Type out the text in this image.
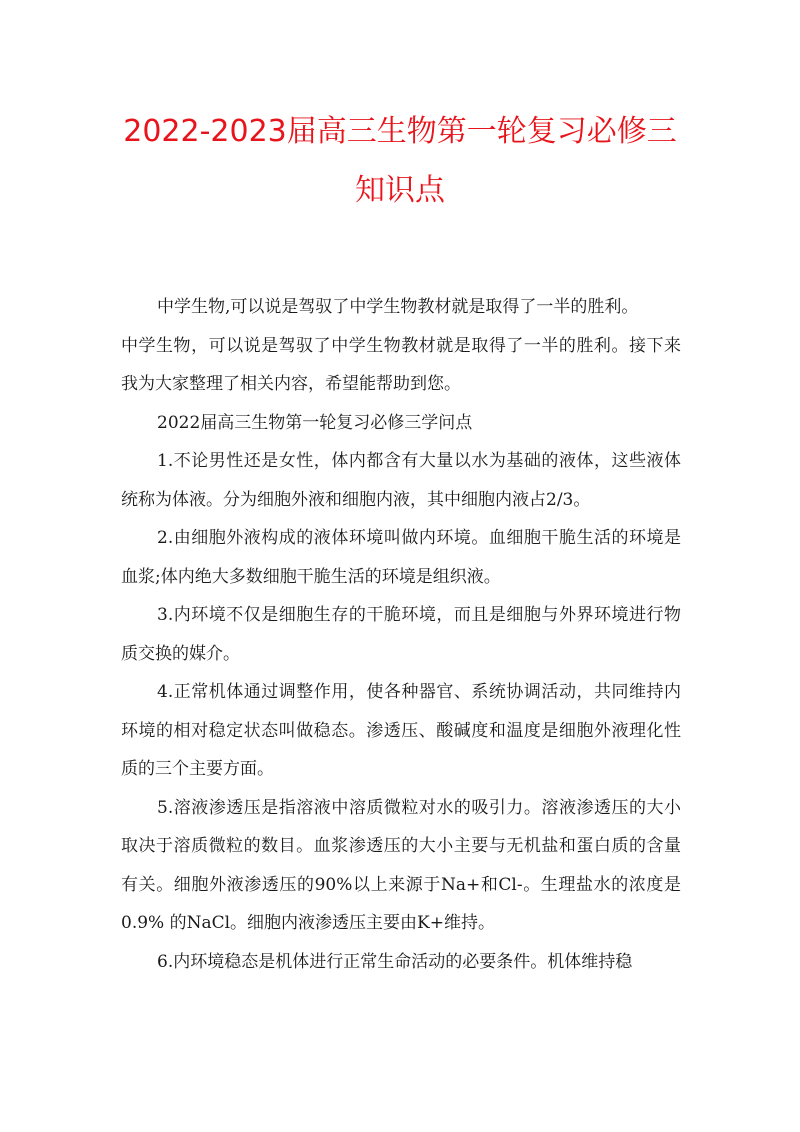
2022-2023届高三生物第一轮复习必修三
知识点

中学生物,可以说是驾驭了中学生物教材就是取得了一半的胜利。

中学生物，可以说是驾驭了中学生物教材就是取得了一半的胜利。接下来我为大家整理了相关内容，希望能帮助到您。

2022届高三生物第一轮复习必修三学问点

1.不论男性还是女性，体内都含有大量以水为基础的液体，这些液体统称为体液。分为细胞外液和细胞内液，其中细胞内液占2/3。

2.由细胞外液构成的液体环境叫做内环境。血细胞干脆生活的环境是血浆;体内绝大多数细胞干脆生活的环境是组织液。

3.内环境不仅是细胞生存的干脆环境，而且是细胞与外界环境进行物质交换的媒介。

4.正常机体通过调整作用，使各种器官、系统协调活动，共同维持内环境的相对稳定状态叫做稳态。渗透压、酸碱度和温度是细胞外液理化性质的三个主要方面。

5.溶液渗透压是指溶液中溶质微粒对水的吸引力。溶液渗透压的大小取决于溶质微粒的数目。血浆渗透压的大小主要与无机盐和蛋白质的含量有关。细胞外液渗透压的90%以上来源于Na+和Cl-。生理盐水的浓度是 0.9% 的NaCl。细胞内液渗透压主要由K+维持。

6.内环境稳态是机体进行正常生命活动的必要条件。机体维持稳
